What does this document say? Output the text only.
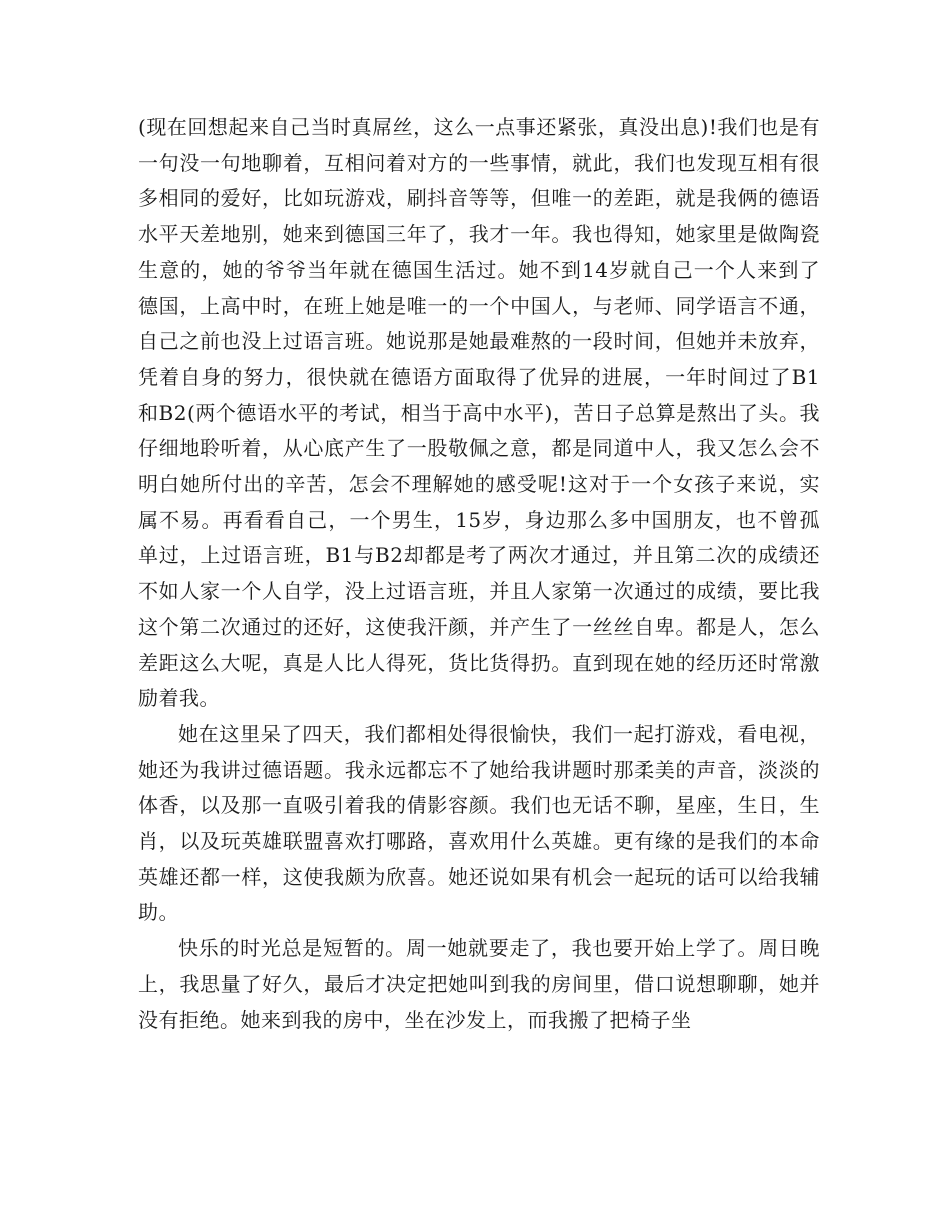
(现在回想起来自己当时真屌丝，这么一点事还紧张，真没出息)!我们也是有一句没一句地聊着，互相问着对方的一些事情，就此，我们也发现互相有很多相同的爱好，比如玩游戏，刷抖音等等，但唯一的差距，就是我俩的德语水平天差地别，她来到德国三年了，我才一年。我也得知，她家里是做陶瓷生意的，她的爷爷当年就在德国生活过。她不到14岁就自己一个人来到了德国，上高中时，在班上她是唯一的一个中国人，与老师、同学语言不通，自己之前也没上过语言班。她说那是她最难熬的一段时间，但她并未放弃，凭着自身的努力，很快就在德语方面取得了优异的进展，一年时间过了B1和B2(两个德语水平的考试，相当于高中水平)，苦日子总算是熬出了头。我仔细地聆听着，从心底产生了一股敬佩之意，都是同道中人，我又怎么会不明白她所付出的辛苦，怎会不理解她的感受呢!这对于一个女孩子来说，实属不易。再看看自己，一个男生，15岁，身边那么多中国朋友，也不曾孤单过，上过语言班，B1与B2却都是考了两次才通过，并且第二次的成绩还不如人家一个人自学，没上过语言班，并且人家第一次通过的成绩，要比我这个第二次通过的还好，这使我汗颜，并产生了一丝丝自卑。都是人，怎么差距这么大呢，真是人比人得死，货比货得扔。直到现在她的经历还时常激励着我。

她在这里呆了四天，我们都相处得很愉快，我们一起打游戏，看电视，她还为我讲过德语题。我永远都忘不了她给我讲题时那柔美的声音，淡淡的体香，以及那一直吸引着我的倩影容颜。我们也无话不聊，星座，生日，生肖，以及玩英雄联盟喜欢打哪路，喜欢用什么英雄。更有缘的是我们的本命英雄还都一样，这使我颇为欣喜。她还说如果有机会一起玩的话可以给我辅助。

快乐的时光总是短暂的。周一她就要走了，我也要开始上学了。周日晚上，我思量了好久，最后才决定把她叫到我的房间里，借口说想聊聊，她并没有拒绝。她来到我的房中，坐在沙发上，而我搬了把椅子坐
